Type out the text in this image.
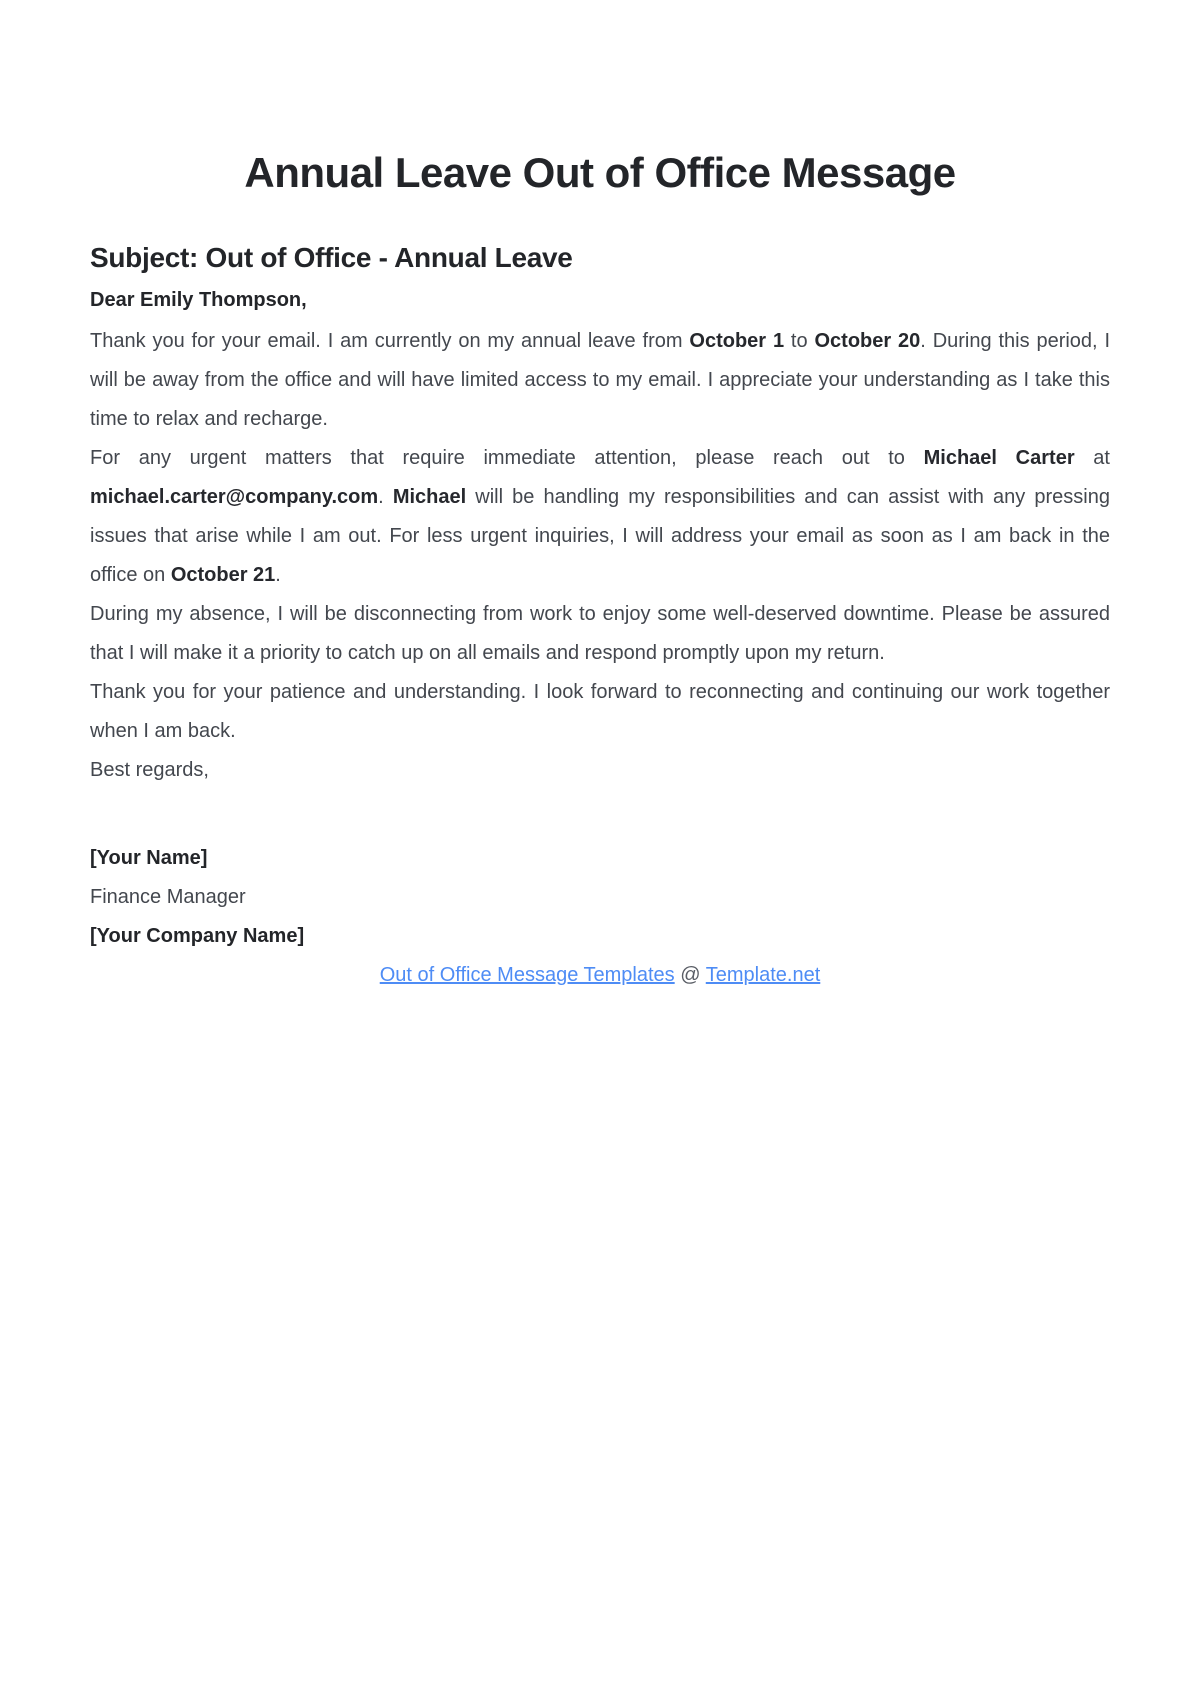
Annual Leave Out of Office Message
Subject: Out of Office - Annual Leave

Dear Emily Thompson,

Thank you for your email. I am currently on my annual leave from October 1 to October 20. During this period, I will be away from the office and will have limited access to my email. I appreciate your understanding as I take this time to relax and recharge.

For any urgent matters that require immediate attention, please reach out to Michael Carter at michael.carter@company.com. Michael will be handling my responsibilities and can assist with any pressing issues that arise while I am out. For less urgent inquiries, I will address your email as soon as I am back in the office on October 21.

During my absence, I will be disconnecting from work to enjoy some well-deserved downtime. Please be assured that I will make it a priority to catch up on all emails and respond promptly upon my return.

Thank you for your patience and understanding. I look forward to reconnecting and continuing our work together when I am back.

Best regards,

[Your Name]

Finance Manager

[Your Company Name]

Out of Office Message Templates @ Template.net
